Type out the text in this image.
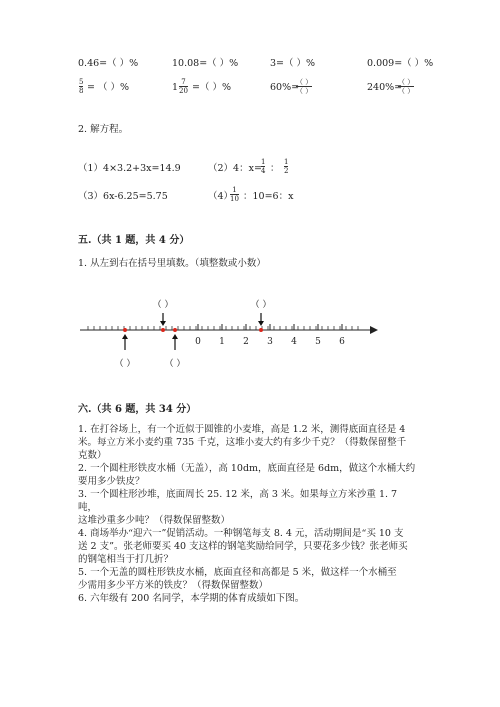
0.46=（ ）%	10.08=（ ）%	3=（ ）%	0.009=（ ）%
5
8 = （ ）%	1 7
20 =（ ）%	60%=
（ ）
（ ）	240%=
（ ）
（ ）
2. 解方程。
（1）4×3.2+3x=14.9	（2）4：x=
1
4 ：
1
2
（3）6x-6.25=5.75	（4）
1
10 ：10=6：x
五.（共 1 题，共 4 分）
1. 从左到右在括号里填数。（填整数或小数）
0 1 2 3 4 5 6
（ ）	（ ）
（ ）	（ ）
六.（共 6 题，共 34 分）
1. 在打谷场上，有一个近似于圆锥的小麦堆，高是 1.2 米，测得底面直径是 4
米。每立方米小麦约重 735 千克，这堆小麦大约有多少千克？（得数保留整千
克数）
2. 一个圆柱形铁皮水桶（无盖），高 10dm，底面直径是 6dm，做这个水桶大约
要用多少铁皮？
3. 一个圆柱形沙堆，底面周长 25. 12 米，高 3 米。如果每立方米沙重 1. 7 吨，
这堆沙重多少吨？（得数保留整数）
4. 商场举办“迎六一”促销活动。一种钢笔每支 8. 4 元，活动期间是“买 10 支
送 2 支”。张老师要买 40 支这样的钢笔奖励给同学，只要花多少钱？张老师买
的钢笔相当于打几折？
5. 一个无盖的圆柱形铁皮水桶，底面直径和高都是 5 米，做这样一个水桶至
少需用多少平方米的铁皮？（得数保留整数）
6. 六年级有 200 名同学，本学期的体育成绩如下图。
